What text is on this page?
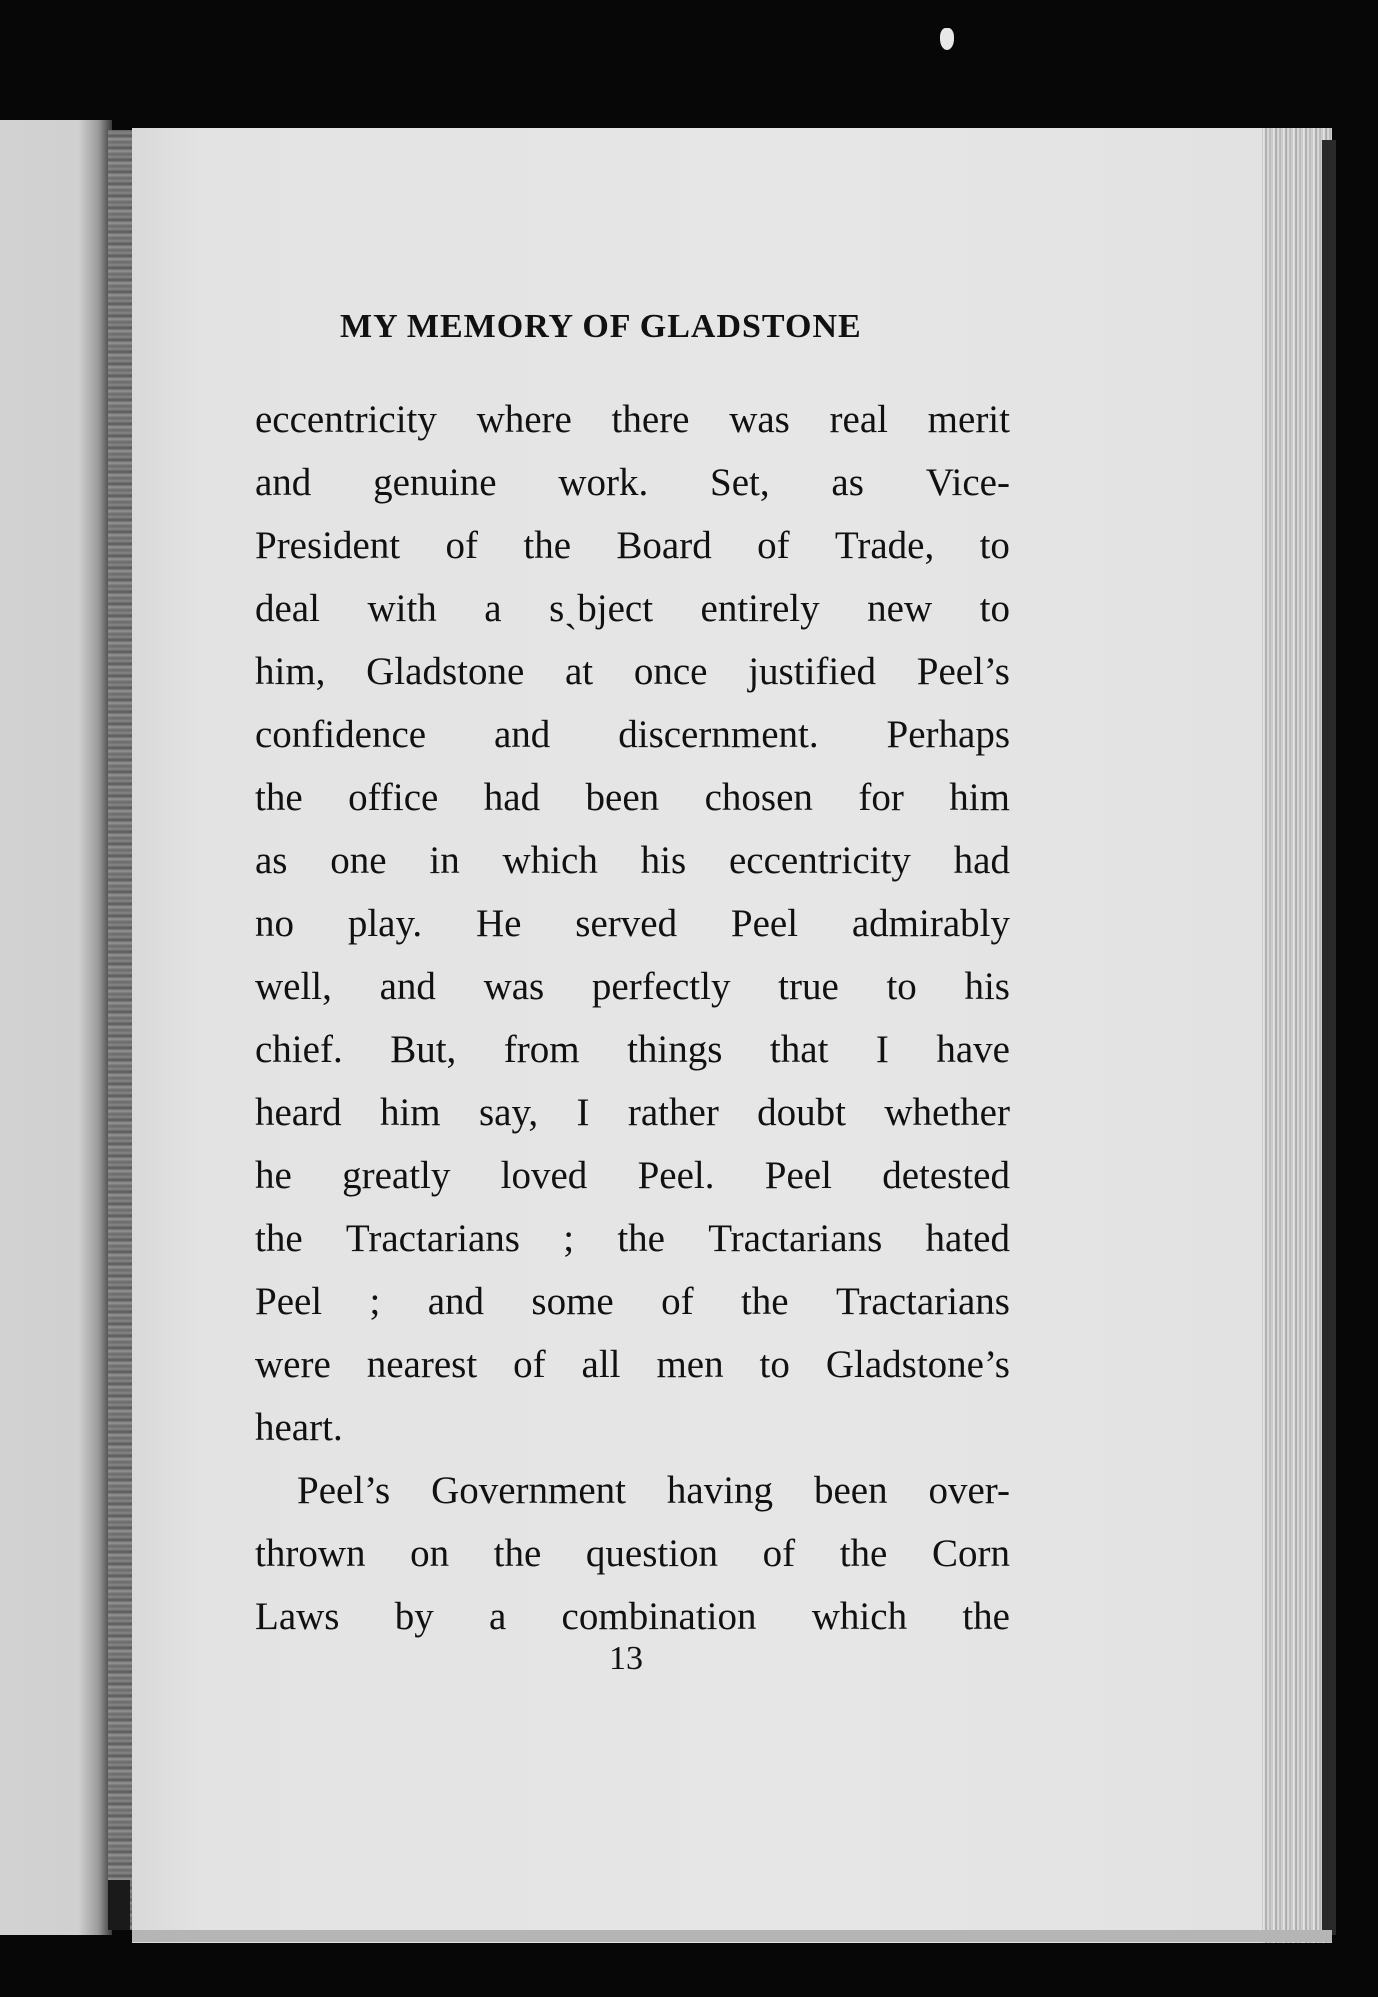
MY MEMORY OF GLADSTONE
eccentricity where there was real merit
and genuine work. Set, as Vice-
President of the Board of Trade, to
deal with a sˎbject entirely new to
him, Gladstone at once justified Peel’s
confidence and discernment. Perhaps
the office had been chosen for him
as one in which his eccentricity had
no play. He served Peel admirably
well, and was perfectly true to his
chief. But, from things that I have
heard him say, I rather doubt whether
he greatly loved Peel. Peel detested
the Tractarians ; the Tractarians hated
Peel ; and some of the Tractarians
were nearest of all men to Gladstone’s
heart.
Peel’s Government having been over-
thrown on the question of the Corn
Laws by a combination which the
13
